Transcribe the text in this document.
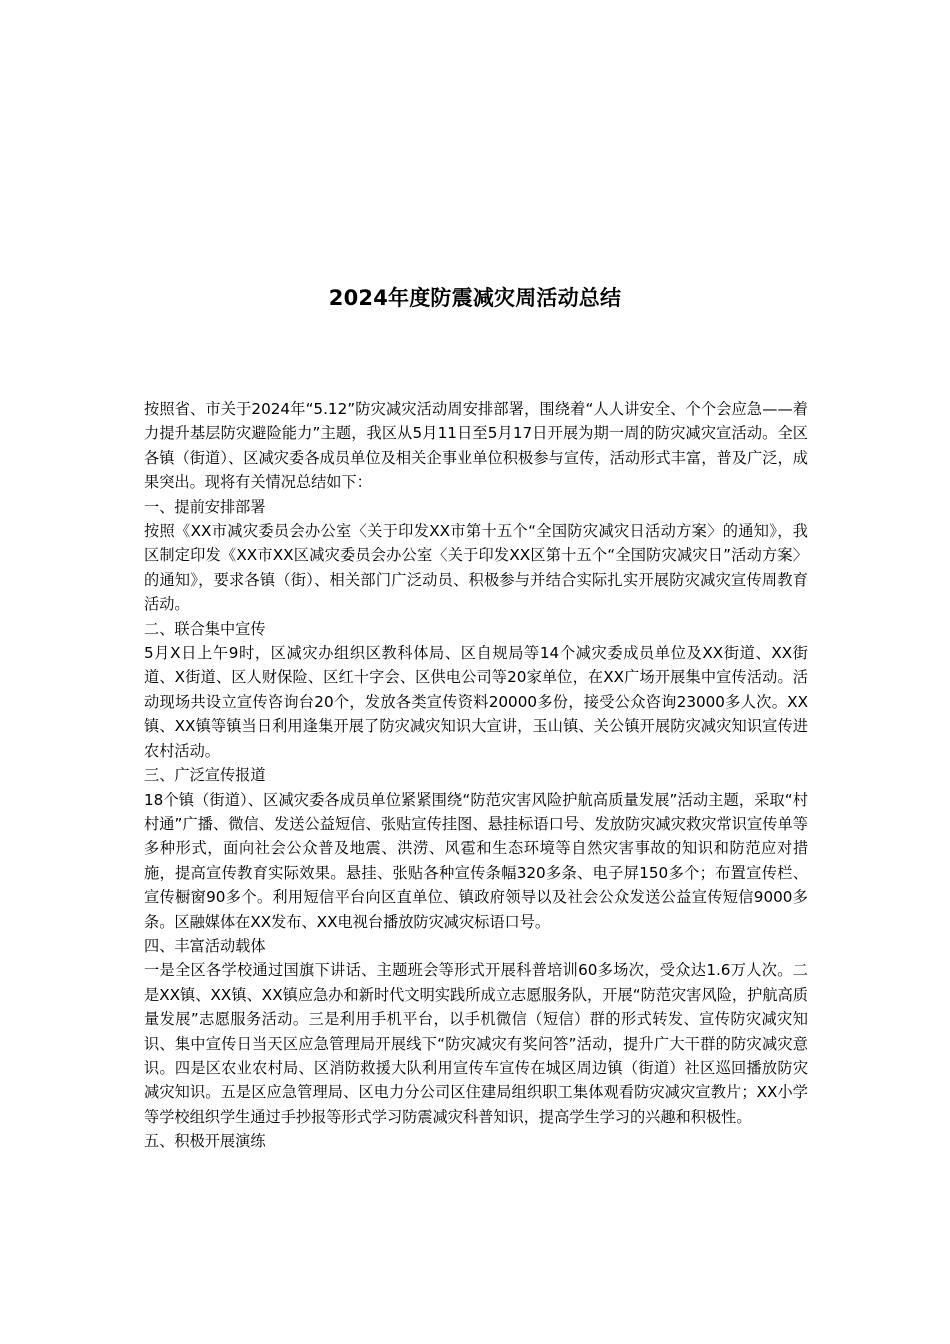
2024年度防震减灾周活动总结

按照省、市关于2024年“5.12”防灾减灾活动周安排部署，围绕着“人人讲安全、个个会应急——着力提升基层防灾避险能力”主题，我区从5月11日至5月17日开展为期一周的防灾减灾宣活动。全区各镇（街道）、区减灾委各成员单位及相关企事业单位积极参与宣传，活动形式丰富，普及广泛，成果突出。现将有关情况总结如下：

一、提前安排部署

按照《XX市减灾委员会办公室〈关于印发XX市第十五个“全国防灾减灾日活动方案〉的通知》，我区制定印发《XX市XX区减灾委员会办公室〈关于印发XX区第十五个“全国防灾减灾日”活动方案〉的通知》，要求各镇（街）、相关部门广泛动员、积极参与并结合实际扎实开展防灾减灾宣传周教育活动。

二、联合集中宣传

5月X日上午9时，区减灾办组织区教科体局、区自规局等14个减灾委成员单位及XX街道、XX街道、X街道、区人财保险、区红十字会、区供电公司等20家单位，在XX广场开展集中宣传活动。活动现场共设立宣传咨询台20个，发放各类宣传资料20000多份，接受公众咨询23000多人次。XX镇、XX镇等镇当日利用逢集开展了防灾减灾知识大宣讲，玉山镇、关公镇开展防灾减灾知识宣传进农村活动。

三、广泛宣传报道

18个镇（街道）、区减灾委各成员单位紧紧围绕“防范灾害风险护航高质量发展”活动主题，采取“村村通”广播、微信、发送公益短信、张贴宣传挂图、悬挂标语口号、发放防灾减灾救灾常识宣传单等多种形式，面向社会公众普及地震、洪涝、风雹和生态环境等自然灾害事故的知识和防范应对措施，提高宣传教育实际效果。悬挂、张贴各种宣传条幅320多条、电子屏150多个；布置宣传栏、宣传橱窗90多个。利用短信平台向区直单位、镇政府领导以及社会公众发送公益宣传短信9000多条。区融媒体在XX发布、XX电视台播放防灾减灾标语口号。

四、丰富活动载体

一是全区各学校通过国旗下讲话、主题班会等形式开展科普培训60多场次，受众达1.6万人次。二是XX镇、XX镇、XX镇应急办和新时代文明实践所成立志愿服务队，开展“防范灾害风险，护航高质量发展”志愿服务活动。三是利用手机平台，以手机微信（短信）群的形式转发、宣传防灾减灾知识、集中宣传日当天区应急管理局开展线下“防灾减灾有奖问答”活动，提升广大干群的防灾减灾意识。四是区农业农村局、区消防救援大队利用宣传车宣传在城区周边镇（街道）社区巡回播放防灾减灾知识。五是区应急管理局、区电力分公司区住建局组织职工集体观看防灾减灾宣教片；XX小学等学校组织学生通过手抄报等形式学习防震减灾科普知识，提高学生学习的兴趣和积极性。

五、积极开展演练
